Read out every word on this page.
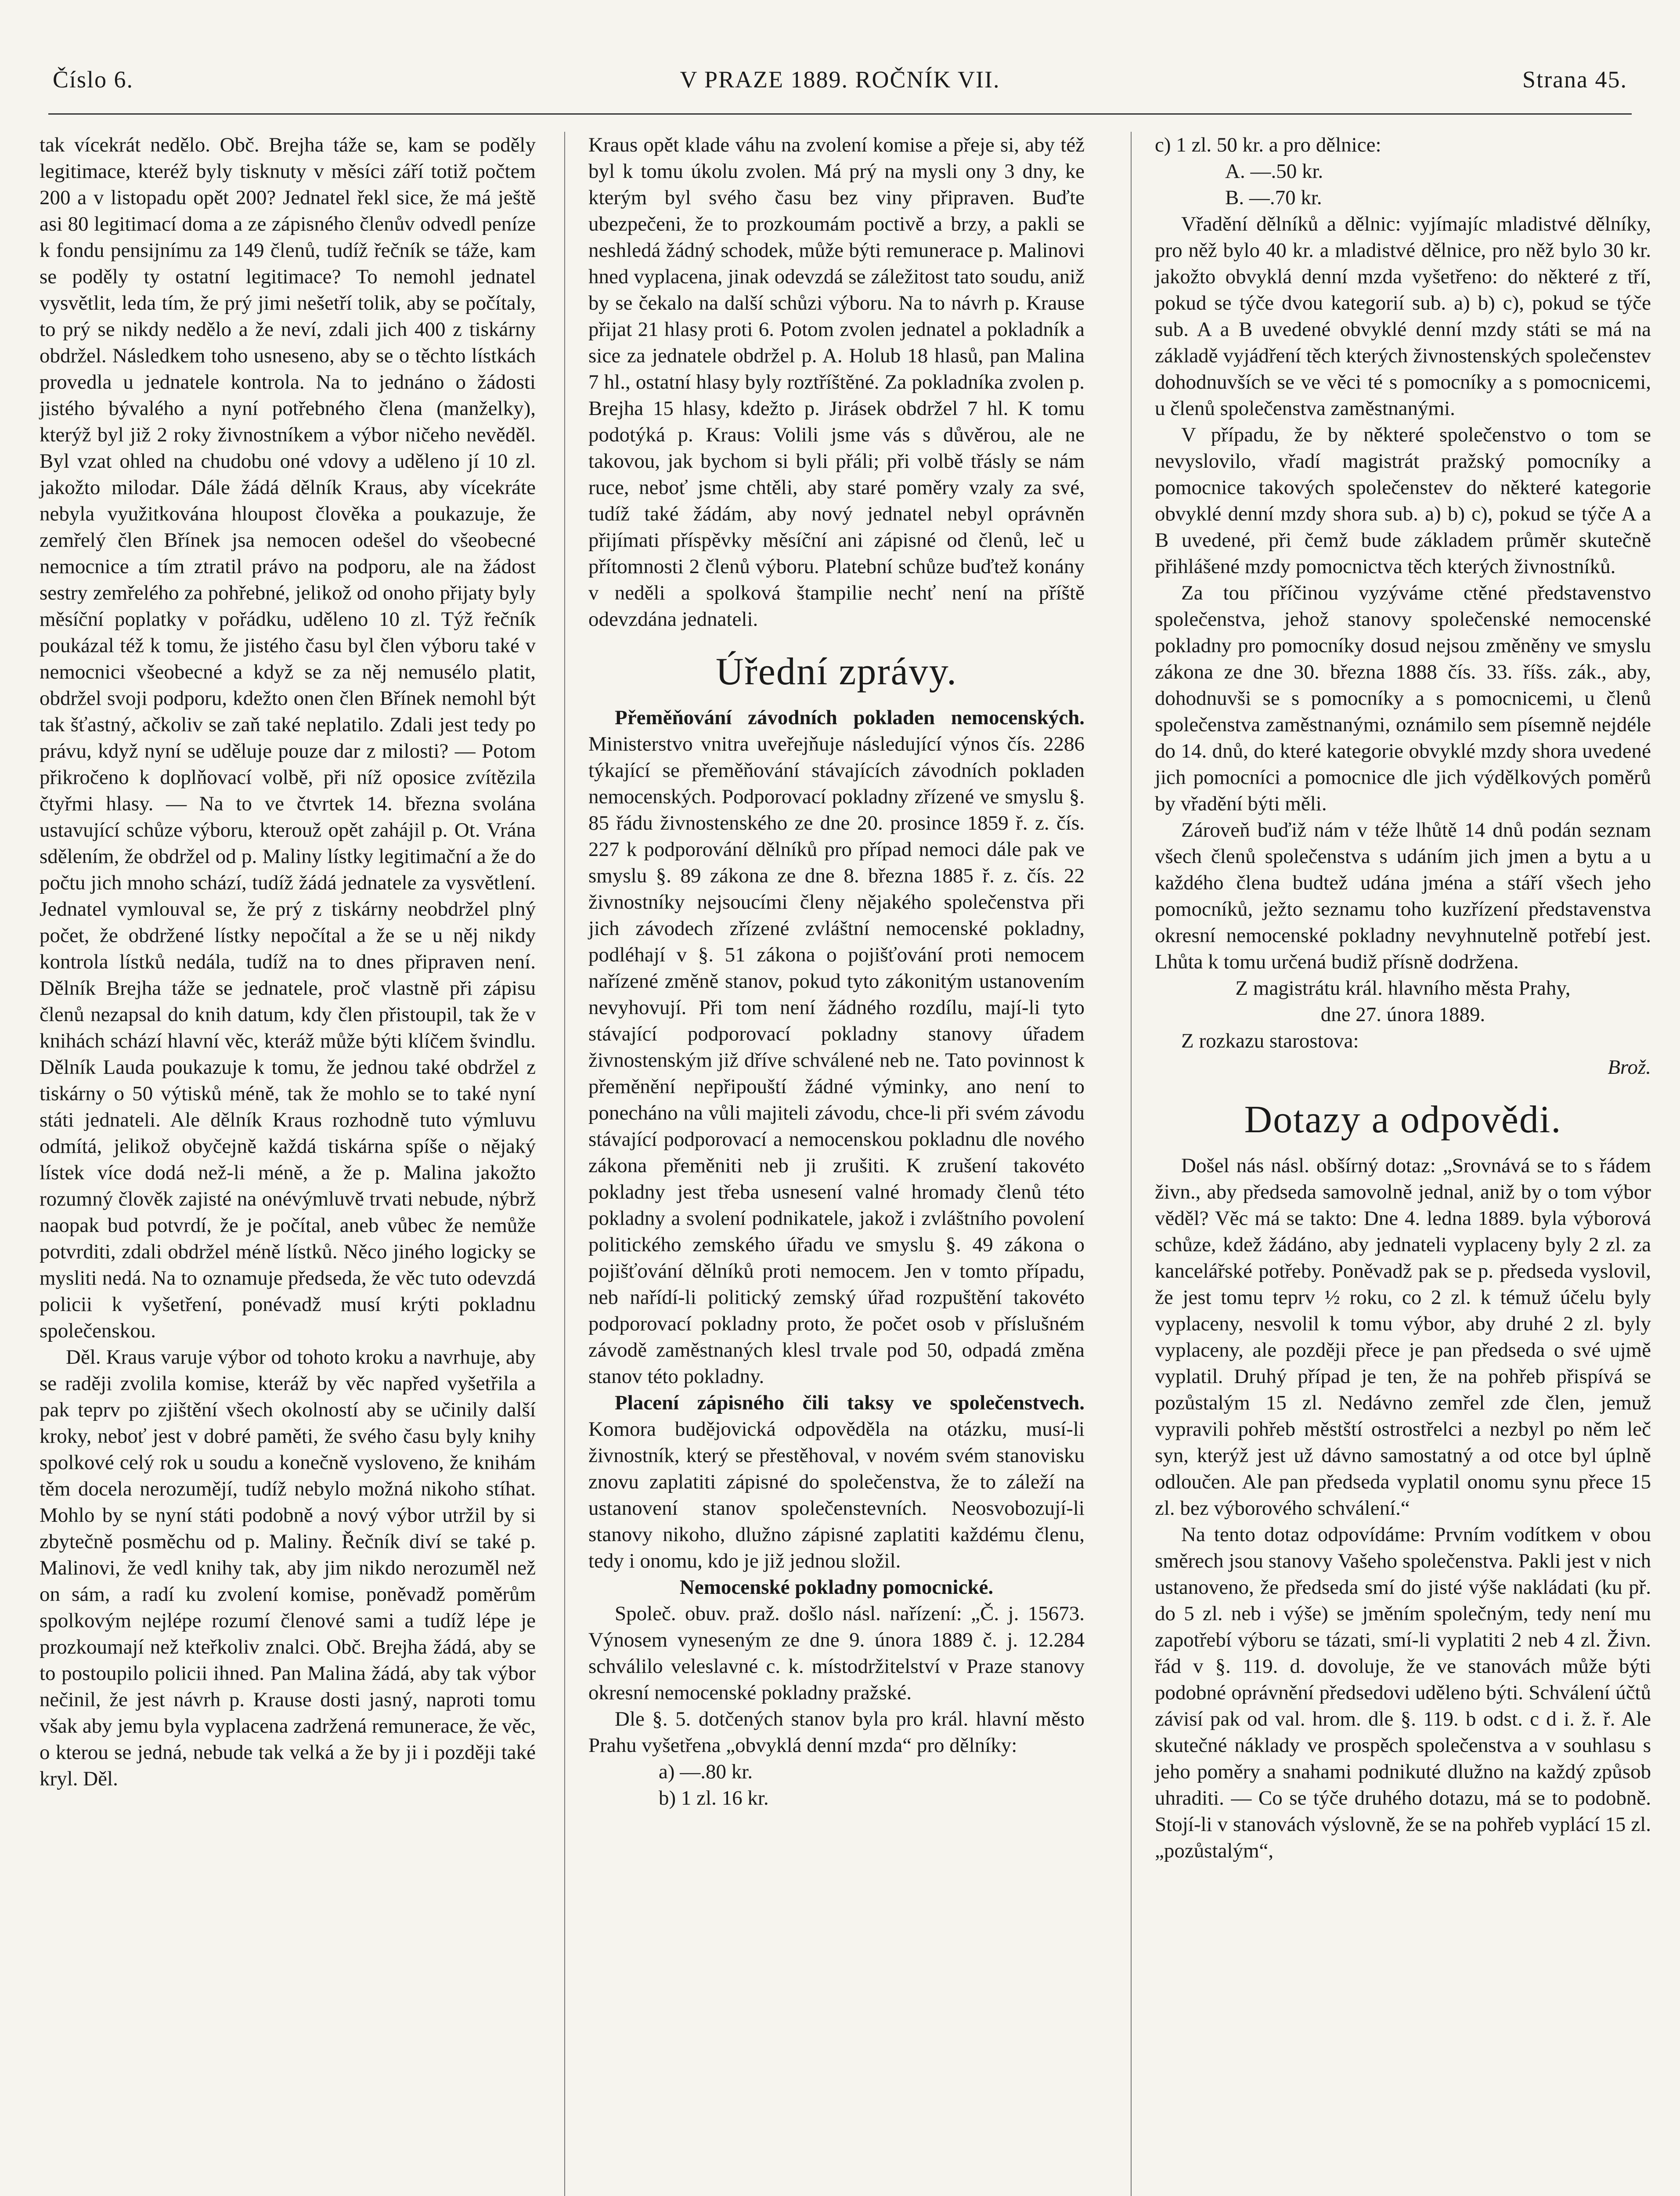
Číslo 6.	V PRAZE 1889. ROČNÍK VII.	Strana 45.

tak vícekrát nedělo. Obč. Brejha táže se, kam se poděly legitimace, kteréž byly tisknuty v měsíci září totiž počtem 200 a v listopadu opět 200? Jednatel řekl sice, že má ještě asi 80 legitimací doma a ze zápisného členův odvedl peníze k fondu pensijnímu za 149 členů, tudíž řečník se táže, kam se poděly ty ostatní legitimace? To nemohl jednatel vysvětlit, leda tím, že prý jimi nešetří tolik, aby se počítaly, to prý se nikdy nedělo a že neví, zdali jich 400 z tiskárny obdržel. Následkem toho usneseno, aby se o těchto lístkách provedla u jednatele kontrola. Na to jednáno o žádosti jistého bývalého a nyní potřebného člena (manželky), kterýž byl již 2 roky živnostníkem a výbor ničeho nevěděl. Byl vzat ohled na chudobu oné vdovy a udělenо jí 10 zl. jakožto milodar. Dále žádá dělník Kraus, aby vícekráte nebyla využitkována hloupost člověka a poukazuje, že zemřelý člen Břínek jsa nemocen odešel do všeobecné nemocnice a tím ztratil právo na podporu, ale na žádost sestry zemřelého za pohřebné, jelikož od onoho přijaty byly měsíční poplatky v pořádku, uděleno 10 zl. Týž řečník poukázal též k tomu, že jistého času byl člen výboru také v nemocnici všeobecné a když se za něj nemusélo platit, obdržel svoji podporu, kdežto onen člen Břínek nemohl být tak šťastný, ačkoliv se zaň také neplatilo. Zdali jest tedy po právu, když nyní se uděluje pouze dar z milosti? — Potom přikročeno k doplňovací volbě, při níž oposice zvítězila čtyřmi hlasy. — Na to ve čtvrtek 14. března svolána ustavující schůze výboru, kterouž opět zahájil p. Ot. Vrána sdělením, že obdržel od p. Maliny lístky legitimační a že do počtu jich mnoho schází, tudíž žádá jednatele za vysvětlení. Jednatel vymlouval se, že prý z tiskárny neobdržel plný počet, že obdržené lístky nepočítal a že se u něj nikdy kontrola lístků nedála, tudíž na to dnes připraven není. Dělník Brejha táže se jednatele, proč vlastně při zápisu členů nezapsal do knih datum, kdy člen přistoupil, tak že v knihách schází hlavní věc, kteráž může býti klíčem švindlu. Dělník Lauda poukazuje k tomu, že jednou také obdržel z tiskárny o 50 výtisků méně, tak že mohlo se to také nyní státi jednateli. Ale dělník Kraus rozhodně tuto výmluvu odmítá, jelikož obyčejně každá tiskárna spíše o nějaký lístek více dodá než-li méně, a že p. Malina jakožto rozumný člověk zajisté na onévýmluvě trvati nebude, nýbrž naopak bud potvrdí, že je počítal, aneb vůbec že nemůže potvrditi, zdali obdržel méně lístků. Něco jiného logicky se mysliti nedá. Na to oznamuje předseda, že věc tuto odevzdá policii k vyšetření, ponévadž musí krýti pokladnu společenskou.

Děl. Kraus varuje výbor od tohoto kroku a navrhuje, aby se raději zvolila komise, kteráž by věc napřed vyšetřila a pak teprv po zjištění všech okolností aby se učinily další kroky, neboť jest v dobré paměti, že svého času byly knihy spolkové celý rok u soudu a konečně vysloveno, že knihám těm docela nerozumějí, tudíž nebylo možná nikoho stíhat. Mohlo by se nyní státi podobně a nový výbor utržil by si zbytečně posměchu od p. Maliny. Řečník diví se také p. Malinovi, že vedl knihy tak, aby jim nikdo nerozuměl než on sám, a radí ku zvolení komise, poněvadž poměrům spolkovým nejlépe rozumí členové sami a tudíž lépe je prozkoumají než kteřkoliv znalci. Obč. Brejha žádá, aby se to postoupilo policii ihned. Pan Malina žádá, aby tak výbor nečinil, že jest návrh p. Krause dosti jasný, naproti tomu však aby jemu byla vyplacena zadržená remunerace, že věc, o kterou se jedná, nebude tak velká a že by ji i později také kryl. Děl.

Kraus opět klade váhu na zvolení komise a přeje si, aby též byl k tomu úkolu zvolen. Má prý na mysli ony 3 dny, ke kterým byl svého času bez viny připraven. Buďte ubezpečeni, že to prozkoumám poctivě a brzy, a pakli se neshledá žádný schodek, může býti remunerace p. Malinovi hned vyplacena, jinak odevzdá se záležitost tato soudu, aniž by se čekalo na další schůzi výboru. Na to návrh p. Krause přijat 21 hlasy proti 6. Potom zvolen jednatel a pokladník a sice za jednatele obdržel p. A. Holub 18 hlasů, pan Malina 7 hl., ostatní hlasy byly roztříštěné. Za pokladníka zvolen p. Brejha 15 hlasy, kdežto p. Jirásek obdržel 7 hl. K tomu podotýká p. Kraus: Volili jsme vás s důvěrou, ale ne takovou, jak bychom si byli přáli; při volbě třásly se nám ruce, neboť jsme chtěli, aby staré poměry vzaly za své, tudíž také žádám, aby nový jednatel nebyl oprávněn přijímati příspěvky měsíční ani zápisné od členů, leč u přítomnosti 2 členů výboru. Platební schůze buďtež konány v neděli a spolková štampilie nechť není na příště odevzdána jednateli.

Úřední zprávy.

Přeměňování závodních pokladen nemocenských. Ministerstvo vnitra uveřejňuje následující výnos čís. 2286 týkající se přeměňování stávajících závodních pokladen nemocenských. Podporovací pokladny zřízené ve smyslu §. 85 řádu živnostenského ze dne 20. prosince 1859 ř. z. čís. 227 k podporování dělníků pro případ nemoci dále pak ve smyslu §. 89 zákona ze dne 8. března 1885 ř. z. čís. 22 živnostníky nejsoucími členy nějakého společenstva při jich závodech zřízené zvláštní nemocenské pokladny, podléhají v §. 51 zákona o pojišťování proti nemocem nařízené změně stanov, pokud tyto zákonitým ustanovením nevyhovují. Při tom není žádného rozdílu, mají-li tyto stávající podporovací pokladny stanovy úřadem živnostenským již dříve schválené neb ne. Tato povinnost k přeměnění nepřipouští žádné výminky, ano není to ponecháno na vůli majiteli závodu, chce-li při svém závodu stávající podporovací a nemocenskou pokladnu dle nového zákona přeměniti neb ji zrušiti. K zrušení takovéto pokladny jest třeba usnesení valné hromady členů této pokladny a svolení podnikatele, jakož i zvláštního povolení politického zemského úřadu ve smyslu §. 49 zákona o pojišťování dělníků proti nemocem. Jen v tomto případu, neb nařídí-li politický zemský úřad rozpuštění takovéto podporovací pokladny proto, že počet osob v příslušném závodě zaměstnaných klesl trvale pod 50, odpadá změna stanov této pokladny.

Placení zápisného čili taksy ve společenstvech. Komora budějovická odpověděla na otázku, musí-li živnostník, který se přestěhoval, v novém svém stanovisku znovu zaplatiti zápisné do společenstva, že to záleží na ustanovení stanov společenstevních. Neosvobozují-li stanovy nikoho, dlužno zápisné zaplatiti každému členu, tedy i onomu, kdo je již jednou složil.

Nemocenské pokladny pomocnické.

Společ. obuv. praž. došlo násl. nařízení: „Č. j. 15673. Výnosem vyneseným ze dne 9. února 1889 č. j. 12.284 schválilo veleslavné c. k. místodržitelství v Praze stanovy okresní nemocenské pokladny pražské.

Dle §. 5. dotčených stanov byla pro král. hlavní město Prahu vyšetřena „obvyklá denní mzda“ pro dělníky:

a) —.80 kr.
b) 1 zl. 16 kr.
c) 1 zl. 50 kr. a pro dělnice:
A. —.50 kr.
B. —.70 kr.

Vřadění dělníků a dělnic: vyjímajíc mladistvé dělníky, pro něž bylo 40 kr. a mladistvé dělnice, pro něž bylo 30 kr. jakožto obvyklá denní mzda vyšetřeno: do některé z tří, pokud se týče dvou kategorií sub. a) b) c), pokud se týče sub. A a B uvedené obvyklé denní mzdy státi se má na základě vyjádření těch kterých živnostenských společenstev dohodnuvších se ve věci té s pomocníky a s pomocnicemi, u členů společenstva zaměstnanými.

V případu, že by některé společenstvo o tom se nevyslovilo, vřadí magistrát pražský pomocníky a pomocnice takových společenstev do některé kategorie obvyklé denní mzdy shora sub. a) b) c), pokud se týče A a B uvedené, při čemž bude základem průměr skutečně přihlášené mzdy pomocnictva těch kterých živnostníků.

Za tou příčinou vyzýváme ctěné představenstvo společenstva, jehož stanovy společenské nemocenské pokladny pro pomocníky dosud nejsou změněny ve smyslu zákona ze dne 30. března 1888 čís. 33. říšs. zák., aby, dohodnuvši se s pomocníky a s pomocnicemi, u členů společenstva zaměstnanými, oznámilo sem písemně nejdéle do 14. dnů, do které kategorie obvyklé mzdy shora uvedené jich pomocníci a pomocnice dle jich výdělkových poměrů by vřadění býti měli.

Zároveň buďiž nám v téže lhůtě 14 dnů podán seznam všech členů společenstva s udáním jich jmen a bytu a u každého člena budtež udána jména a stáří všech jeho pomocníků, ježto seznamu toho kuzřízení představenstva okresní nemocenské pokladny nevyhnutelně potřebí jest. Lhůta k tomu určená budiž přísně dodržena.

Z magistrátu král. hlavního města Prahy,
dne 27. února 1889.
Z rozkazu starostova:
Brož.
Dotazy a odpovědi.

Došel nás násl. obšírný dotaz: „Srovnává se to s řádem živn., aby předseda samovolně jednal, aniž by o tom výbor věděl? Věc má se takto: Dne 4. ledna 1889. byla výborová schůze, kdež žádáno, aby jednateli vyplaceny byly 2 zl. za kancelářské potřeby. Poněvadž pak se p. předseda vyslovil, že jest tomu teprv ½ roku, co 2 zl. k témuž účelu byly vyplaceny, nesvolil k tomu výbor, aby druhé 2 zl. byly vyplaceny, ale později přece je pan předseda o své ujmě vyplatil. Druhý případ je ten, že na pohřeb přispívá se pozůstalým 15 zl. Nedávno zemřel zde člen, jemuž vypravili pohřeb městští ostrostřelci a nezbyl po něm leč syn, kterýž jest už dávno samostatný a od otce byl úplně odloučen. Ale pan předseda vyplatil onomu synu přece 15 zl. bez výborového schválení.“

Na tento dotaz odpovídáme: Prvním vodítkem v obou směrech jsou stanovy Vašeho společenstva. Pakli jest v nich ustanoveno, že předseda smí do jisté výše nakládati (ku př. do 5 zl. neb i výše) se jměním společným, tedy není mu zapotřebí výboru se tázati, smí-li vyplatiti 2 neb 4 zl. Živn. řád v §. 119. d. dovoluje, že ve stanovách může býti podobné oprávnění předsedovi uděleno býti. Schválení účtů závisí pak od val. hrom. dle §. 119. b odst. c d i. ž. ř. Ale skutečné náklady ve prospěch společenstva a v souhlasu s jeho poměry a snahami podnikuté dlužno na každý způsob uhraditi. — Co se týče druhého dotazu, má se to podobně. Stojí-li v stanovách výslovně, že se na pohřeb vyplácí 15 zl. „pozůstalým“,
